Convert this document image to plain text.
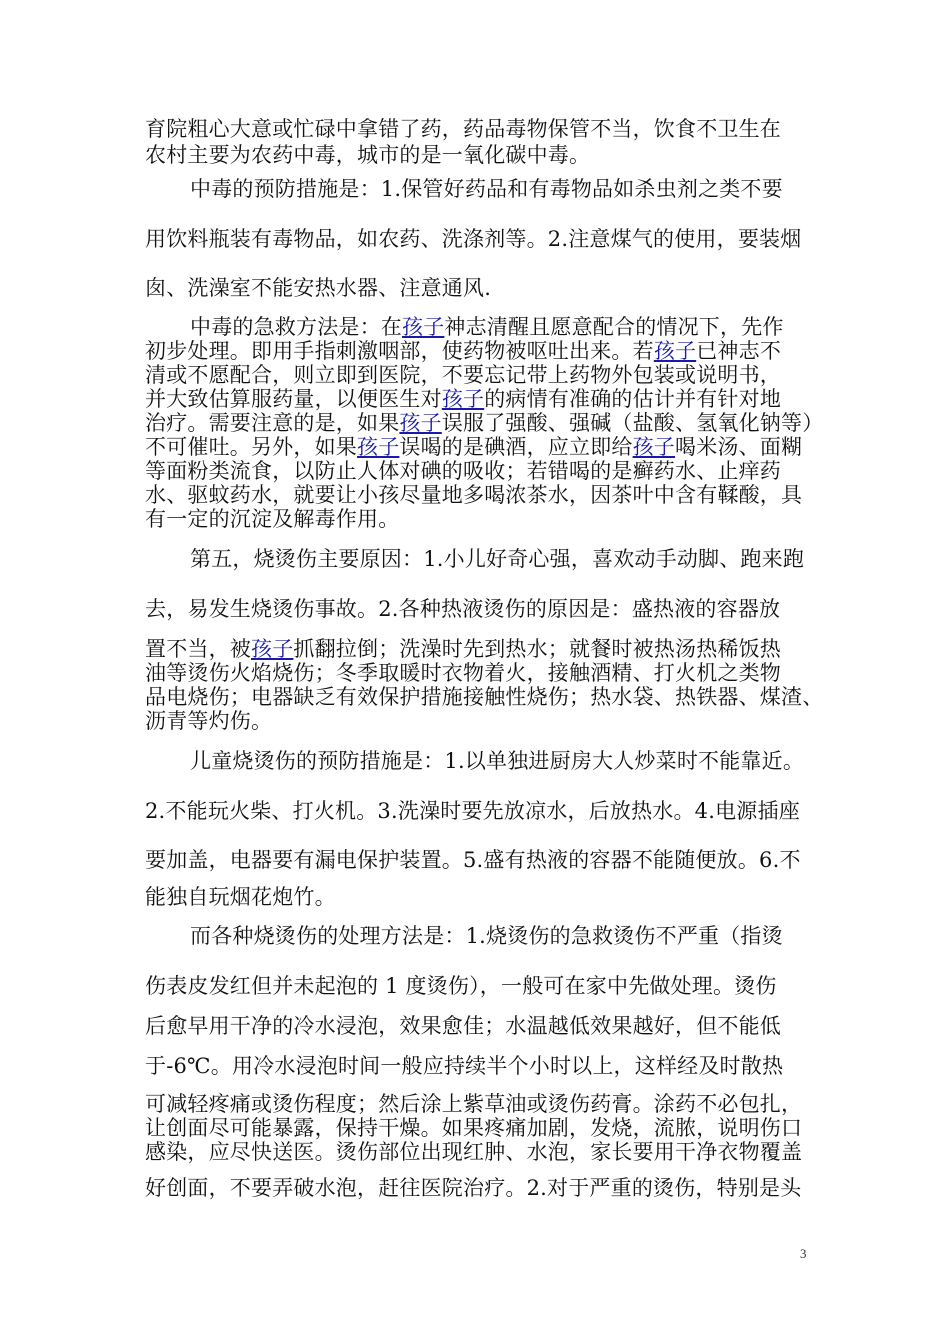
3
育院粗心大意或忙碌中拿错了药，药品毒物保管不当，饮食不卫生在
农村主要为农药中毒，城市的是一氧化碳中毒。
中毒的预防措施是：1.保管好药品和有毒物品如杀虫剂之类不要
用饮料瓶装有毒物品，如农药、洗涤剂等。2.注意煤气的使用，要装烟
囱、洗澡室不能安热水器、注意通风.
中毒的急救方法是：在孩子神志清醒且愿意配合的情况下，先作
初步处理。即用手指刺激咽部，使药物被呕吐出来。若孩子已神志不
清或不愿配合，则立即到医院，不要忘记带上药物外包装或说明书，
并大致估算服药量，以便医生对孩子的病情有准确的估计并有针对地
治疗。需要注意的是，如果孩子误服了强酸、强碱（盐酸、氢氧化钠等）
不可催吐。另外，如果孩子误喝的是碘酒，应立即给孩子喝米汤、面糊
等面粉类流食，以防止人体对碘的吸收；若错喝的是癣药水、止痒药
水、驱蚊药水，就要让小孩尽量地多喝浓茶水，因茶叶中含有鞣酸，具
有一定的沉淀及解毒作用。
第五，烧烫伤主要原因：1.小儿好奇心强，喜欢动手动脚、跑来跑
去，易发生烧烫伤事故。2.各种热液烫伤的原因是：盛热液的容器放
置不当，被孩子抓翻拉倒；洗澡时先到热水；就餐时被热汤热稀饭热
油等烫伤火焰烧伤；冬季取暖时衣物着火，接触酒精、打火机之类物
品电烧伤；电器缺乏有效保护措施接触性烧伤；热水袋、热铁器、煤渣、
沥青等灼伤。
儿童烧烫伤的预防措施是：1.以单独进厨房大人炒菜时不能靠近。
2.不能玩火柴、打火机。3.洗澡时要先放凉水，后放热水。4.电源插座
要加盖，电器要有漏电保护装置。5.盛有热液的容器不能随便放。6.不
能独自玩烟花炮竹。
而各种烧烫伤的处理方法是：1.烧烫伤的急救烫伤不严重（指烫
伤表皮发红但并未起泡的 1 度烫伤），一般可在家中先做处理。烫伤
后愈早用干净的冷水浸泡，效果愈佳；水温越低效果越好，但不能低
于-6℃。用冷水浸泡时间一般应持续半个小时以上，这样经及时散热
可减轻疼痛或烫伤程度；然后涂上紫草油或烫伤药膏。涂药不必包扎，
让创面尽可能暴露，保持干燥。如果疼痛加剧，发烧，流脓，说明伤口
感染，应尽快送医。烫伤部位出现红肿、水泡，家长要用干净衣物覆盖
好创面，不要弄破水泡，赶往医院治疗。2.对于严重的烫伤，特别是头
